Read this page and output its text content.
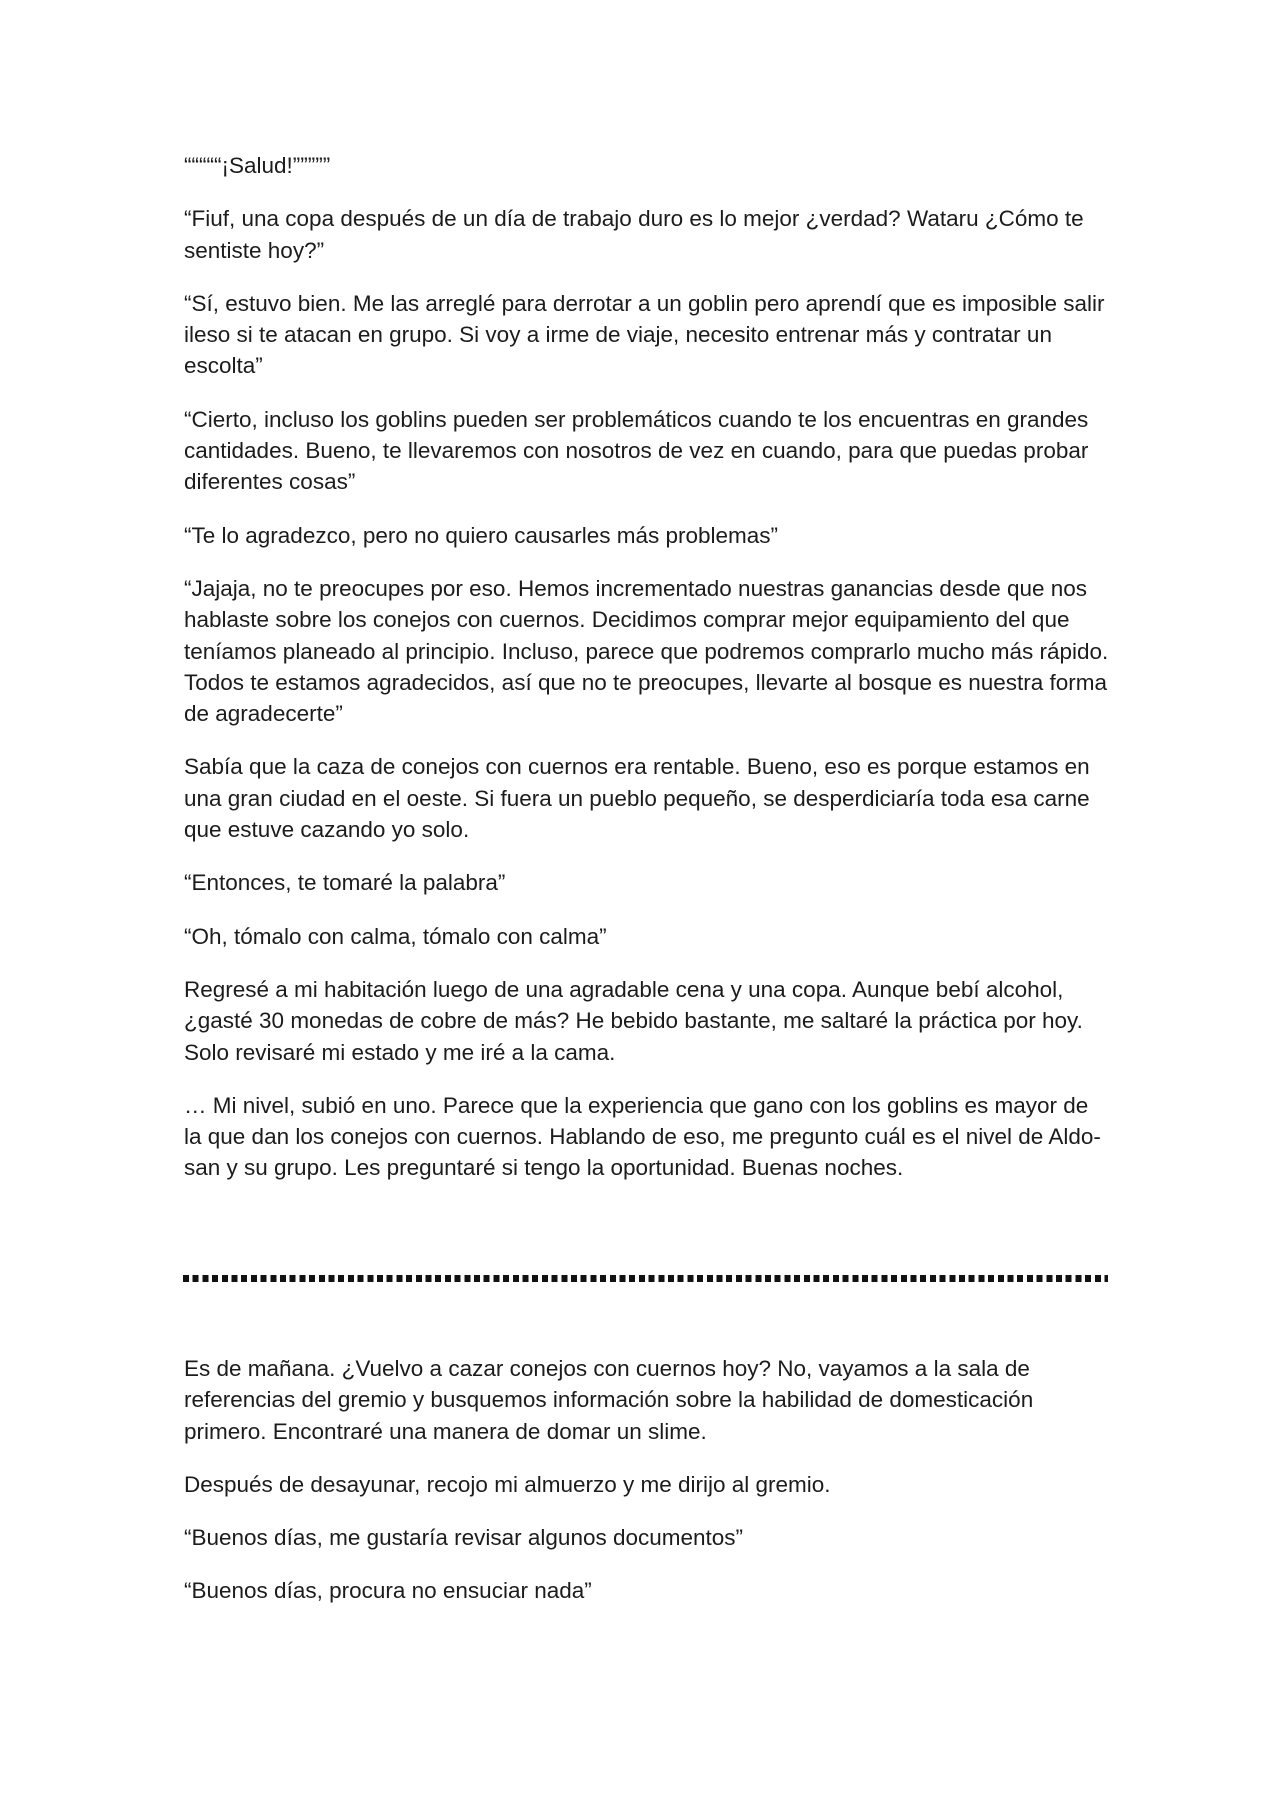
“““““¡Salud!”””””

“Fiuf, una copa después de un día de trabajo duro es lo mejor ¿verdad? Wataru ¿Cómo te sentiste hoy?”

“Sí, estuvo bien. Me las arreglé para derrotar a un goblin pero aprendí que es imposible salir ileso si te atacan en grupo. Si voy a irme de viaje, necesito entrenar más y contratar un escolta”

“Cierto, incluso los goblins pueden ser problemáticos cuando te los encuentras en grandes cantidades. Bueno, te llevaremos con nosotros de vez en cuando, para que puedas probar diferentes cosas”

“Te lo agradezco, pero no quiero causarles más problemas”

“Jajaja, no te preocupes por eso. Hemos incrementado nuestras ganancias desde que nos hablaste sobre los conejos con cuernos. Decidimos comprar mejor equipamiento del que teníamos planeado al principio. Incluso, parece que podremos comprarlo mucho más rápido. Todos te estamos agradecidos, así que no te preocupes, llevarte al bosque es nuestra forma de agradecerte”

Sabía que la caza de conejos con cuernos era rentable. Bueno, eso es porque estamos en una gran ciudad en el oeste. Si fuera un pueblo pequeño, se desperdiciaría toda esa carne que estuve cazando yo solo.

“Entonces, te tomaré la palabra”

“Oh, tómalo con calma, tómalo con calma”

Regresé a mi habitación luego de una agradable cena y una copa. Aunque bebí alcohol, ¿gasté 30 monedas de cobre de más? He bebido bastante, me saltaré la práctica por hoy. Solo revisaré mi estado y me iré a la cama.

… Mi nivel, subió en uno. Parece que la experiencia que gano con los goblins es mayor de la que dan los conejos con cuernos. Hablando de eso, me pregunto cuál es el nivel de Aldo-san y su grupo. Les preguntaré si tengo la oportunidad. Buenas noches.

Es de mañana. ¿Vuelvo a cazar conejos con cuernos hoy? No, vayamos a la sala de referencias del gremio y busquemos información sobre la habilidad de domesticación primero. Encontraré una manera de domar un slime.

Después de desayunar, recojo mi almuerzo y me dirijo al gremio.

“Buenos días, me gustaría revisar algunos documentos”

“Buenos días, procura no ensuciar nada”
